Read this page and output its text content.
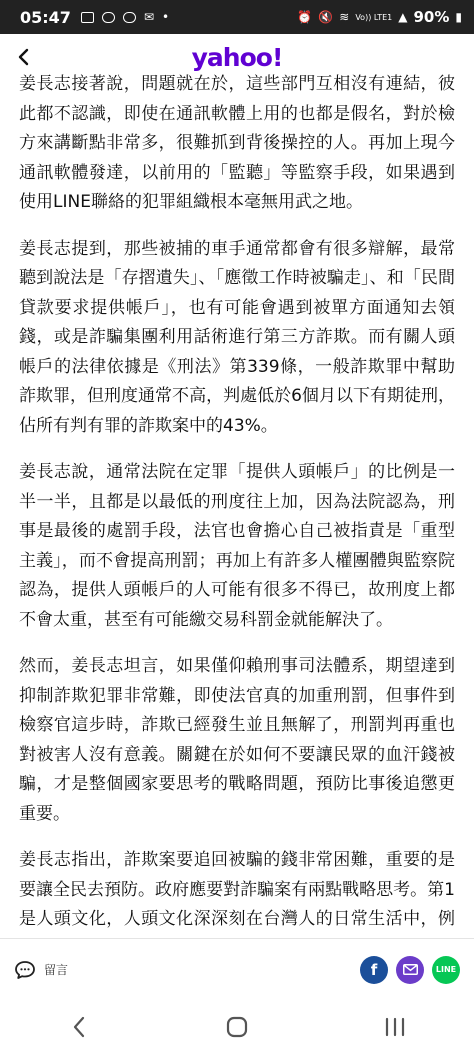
05:47	✉ •	⏰ 🔇 ≋ Vo)) LTE1 ▲ 90% ▮
yahoo!

姜長志接著說，問題就在於，這些部門互相沒有連結，彼此都不認識，即使在通訊軟體上用的也都是假名，對於檢方來講斷點非常多，很難抓到背後操控的人。再加上現今通訊軟體發達，以前用的「監聽」等監察手段，如果遇到使用LINE聯絡的犯罪組織根本毫無用武之地。

姜長志提到，那些被捕的車手通常都會有很多辯解，最常聽到說法是「存摺遺失」、「應徵工作時被騙走」、和「民間貸款要求提供帳戶」，也有可能會遇到被單方面通知去領錢，或是詐騙集團利用話術進行第三方詐欺。而有關人頭帳戶的法律依據是《刑法》第339條，一般詐欺罪中幫助詐欺罪，但刑度通常不高，判處低於6個月以下有期徒刑，佔所有判有罪的詐欺案中的43%。

姜長志說，通常法院在定罪「提供人頭帳戶」的比例是一半一半，且都是以最低的刑度往上加，因為法院認為，刑事是最後的處罰手段，法官也會擔心自己被指責是「重型主義」，而不會提高刑罰；再加上有許多人權團體與監察院認為，提供人頭帳戶的人可能有很多不得已，故刑度上都不會太重，甚至有可能繳交易科罰金就能解決了。

然而，姜長志坦言，如果僅仰賴刑事司法體系，期望達到抑制詐欺犯罪非常難，即使法官真的加重刑罰，但事件到檢察官這步時，詐欺已經發生並且無解了，刑罰判再重也對被害人沒有意義。關鍵在於如何不要讓民眾的血汗錢被騙，才是整個國家要思考的戰略問題，預防比事後追懲更重要。

姜長志指出，詐欺案要追回被騙的錢非常困難，重要的是要讓全民去預防。政府應要對詐騙案有兩點戰略思考。第1是人頭文化，人頭文化深深刻在台灣人的日常生活中，例

留言	f	LINE
